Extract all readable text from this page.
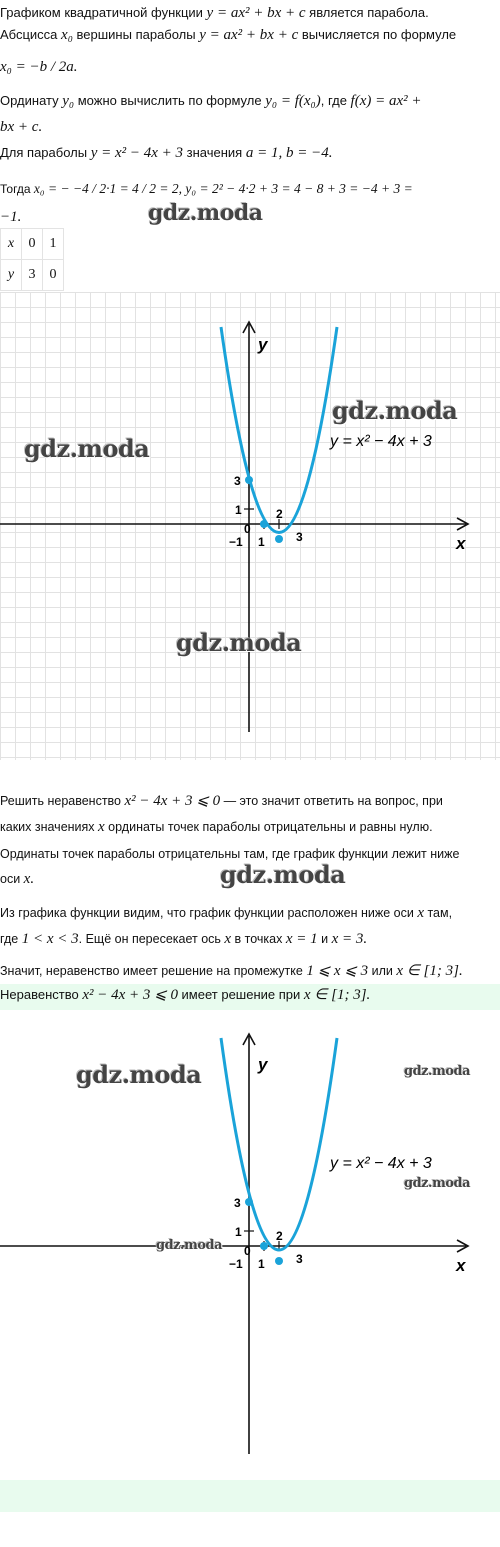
Графиком квадратичной функции y = ax² + bx + c является парабола.
Абсцисса x₀ вершины параболы y = ax² + bx + c вычисляется по формуле
x₀ = −b / 2a.
Ординату y₀ можно вычислить по формуле y₀ = f(x₀), где f(x) = ax² +
bx + c.
Для параболы y = x² − 4x + 3 значения a = 1, b = −4.
Тогда x₀ = − −4 / 2·1 = 4 / 2 = 2, y₀ = 2² − 4·2 + 3 = 4 − 8 + 3 = −4 + 3 =
−1.	gdz.moda
x	0	1
y	3	0
x
y
3
1
0
2
1
−1	3
y = x² − 4x + 3
gdz.moda
gdz.moda
gdz.moda
Решить неравенство x² − 4x + 3 ⩽ 0 — это значит ответить на вопрос, при
каких значениях x ординаты точек параболы отрицательны и равны нулю.
Ординаты точек параболы отрицательны там, где график функции лежит ниже
оси x.	gdz.moda
Из графика функции видим, что график функции расположен ниже оси x там,
где 1 < x < 3. Ещё он пересекает ось x в точках x = 1 и x = 3.
Значит, неравенство имеет решение на промежутке 1 ⩽ x ⩽ 3 или x ∈ [1; 3].
Неравенство x² − 4x + 3 ⩽ 0 имеет решение при x ∈ [1; 3].
x
y
3
1
0
2
1
−1	3
y = x² − 4x + 3
gdz.moda	gdz.moda
gdz.moda
gdz.moda
